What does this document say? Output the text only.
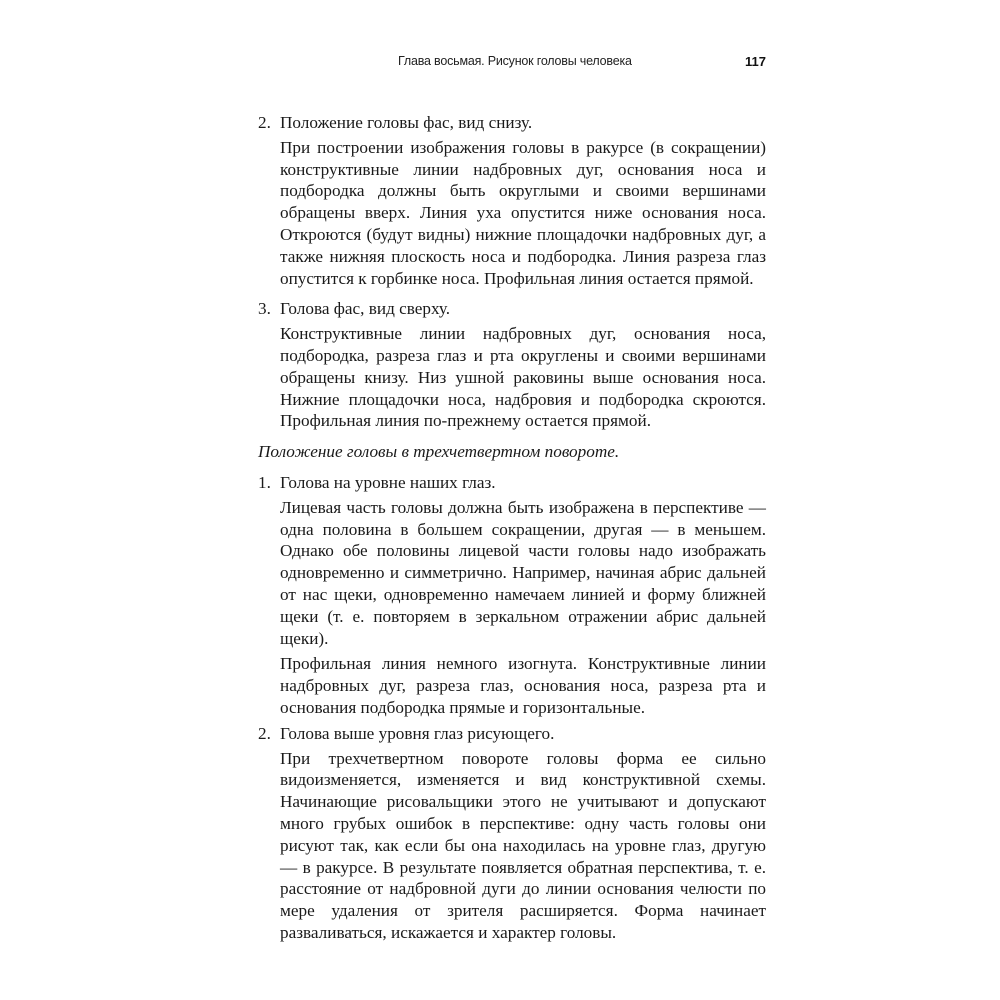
Глава восьмая. Рисунок головы человека	117
2. Положение головы фас, вид снизу.

При построении изображения головы в ракурсе (в сокращении) конструктивные линии надбровных дуг, основания носа и подбородка должны быть округлыми и своими вершинами обращены вверх. Линия уха опустится ниже основания носа. Откроются (будут видны) нижние площадочки надбровных дуг, а также нижняя плоскость носа и подбородка. Линия разреза глаз опустится к горбинке носа. Профильная линия остается прямой.

3. Голова фас, вид сверху.

Конструктивные линии надбровных дуг, основания носа, подбородка, разреза глаз и рта округлены и своими вершинами обращены книзу. Низ ушной раковины выше основания носа. Нижние площадочки носа, надбровия и подбородка скроются. Профильная линия по-прежнему остается прямой.

Положение головы в трехчетвертном повороте.

1. Голова на уровне наших глаз.

Лицевая часть головы должна быть изображена в перспективе — одна половина в большем сокращении, другая — в меньшем. Однако обе половины лицевой части головы надо изображать одновременно и симметрично. Например, начиная абрис дальней от нас щеки, одновременно намечаем линией и форму ближней щеки (т. е. повторяем в зеркальном отражении абрис дальней щеки).

Профильная линия немного изогнута. Конструктивные линии надбровных дуг, разреза глаз, основания носа, разреза рта и основания подбородка прямые и горизонтальные.

2. Голова выше уровня глаз рисующего.

При трехчетвертном повороте головы форма ее сильно видоизменяется, изменяется и вид конструктивной схемы. Начинающие рисовальщики этого не учитывают и допускают много грубых ошибок в перспективе: одну часть головы они рисуют так, как если бы она находилась на уровне глаз, другую — в ракурсе. В результате появляется обратная перспектива, т. е. расстояние от надбровной дуги до линии основания челюсти по мере удаления от зрителя расширяется. Форма начинает разваливаться, искажается и характер головы.
